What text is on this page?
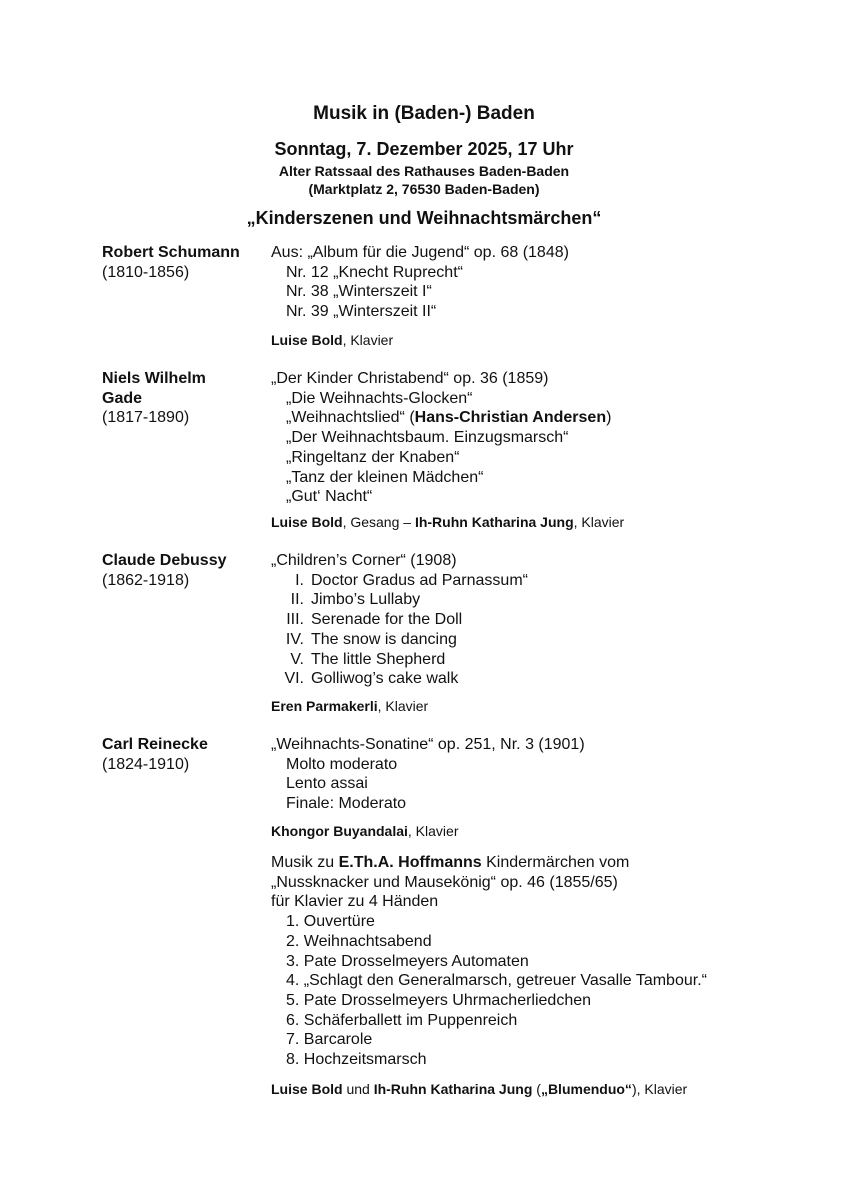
Musik in (Baden-) Baden
Sonntag, 7. Dezember 2025, 17 Uhr
Alter Ratssaal des Rathauses Baden-Baden
(Marktplatz 2, 76530 Baden-Baden)
„Kinderszenen und Weihnachtsmärchen“
Robert Schumann
(1810-1856)
Aus: „Album für die Jugend“ op. 68 (1848)
Nr. 12 „Knecht Ruprecht“
Nr. 38 „Winterszeit I“
Nr. 39 „Winterszeit II“
Luise Bold, Klavier
Niels Wilhelm
Gade
(1817-1890)
„Der Kinder Christabend“ op. 36 (1859)
„Die Weihnachts-Glocken“
„Weihnachtslied“ (Hans-Christian Andersen)
„Der Weihnachtsbaum. Einzugsmarsch“
„Ringeltanz der Knaben“
„Tanz der kleinen Mädchen“
„Gut‘ Nacht“
Luise Bold, Gesang – Ih-Ruhn Katharina Jung, Klavier
Claude Debussy
(1862-1918)
„Children’s Corner“ (1908)
I. Doctor Gradus ad Parnassum“
II. Jimbo’s Lullaby
III. Serenade for the Doll
IV. The snow is dancing
V. The little Shepherd
VI. Golliwog’s cake walk
Eren Parmakerli, Klavier
Carl Reinecke
(1824-1910)
„Weihnachts-Sonatine“ op. 251, Nr. 3 (1901)
Molto moderato
Lento assai
Finale: Moderato
Khongor Buyandalai, Klavier
Musik zu E.Th.A. Hoffmanns Kindermärchen vom
„Nussknacker und Mausekönig“ op. 46 (1855/65)
für Klavier zu 4 Händen
1. Ouvertüre
2. Weihnachtsabend
3. Pate Drosselmeyers Automaten
4. „Schlagt den Generalmarsch, getreuer Vasalle Tambour.“
5. Pate Drosselmeyers Uhrmacherliedchen
6. Schäferballett im Puppenreich
7. Barcarole
8. Hochzeitsmarsch
Luise Bold und Ih-Ruhn Katharina Jung („Blumenduo“), Klavier
